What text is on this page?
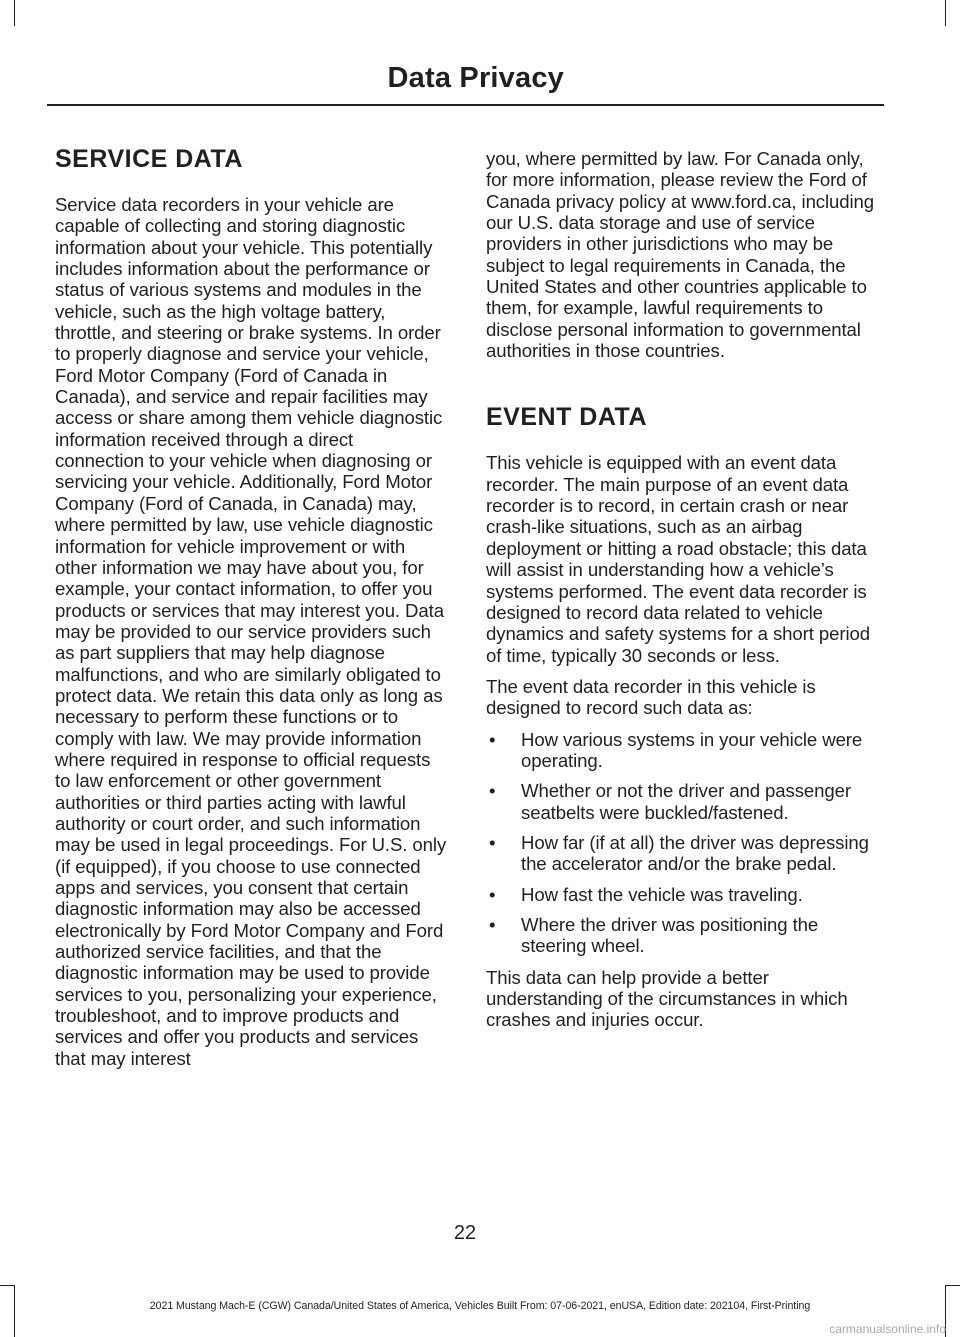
Data Privacy
SERVICE DATA

Service data recorders in your vehicle are capable of collecting and storing diagnostic information about your vehicle. This potentially includes information about the performance or status of various systems and modules in the vehicle, such as the high voltage battery, throttle, and steering or brake systems. In order to properly diagnose and service your vehicle, Ford Motor Company (Ford of Canada in Canada), and service and repair facilities may access or share among them vehicle diagnostic information received through a direct connection to your vehicle when diagnosing or servicing your vehicle. Additionally, Ford Motor Company (Ford of Canada, in Canada) may, where permitted by law, use vehicle diagnostic information for vehicle improvement or with other information we may have about you, for example, your contact information, to offer you products or services that may interest you. Data may be provided to our service providers such as part suppliers that may help diagnose malfunctions, and who are similarly obligated to protect data. We retain this data only as long as necessary to perform these functions or to comply with law. We may provide information where required in response to official requests to law enforcement or other government authorities or third parties acting with lawful authority or court order, and such information may be used in legal proceedings. For U.S. only (if equipped), if you choose to use connected apps and services, you consent that certain diagnostic information may also be accessed electronically by Ford Motor Company and Ford authorized service facilities, and that the diagnostic information may be used to provide services to you, personalizing your experience, troubleshoot, and to improve products and services and offer you products and services that may interest

you, where permitted by law. For Canada only, for more information, please review the Ford of Canada privacy policy at www.ford.ca, including our U.S. data storage and use of service providers in other jurisdictions who may be subject to legal requirements in Canada, the United States and other countries applicable to them, for example, lawful requirements to disclose personal information to governmental authorities in those countries.

EVENT DATA

This vehicle is equipped with an event data recorder. The main purpose of an event data recorder is to record, in certain crash or near crash-like situations, such as an airbag deployment or hitting a road obstacle; this data will assist in understanding how a vehicle’s systems performed. The event data recorder is designed to record data related to vehicle dynamics and safety systems for a short period of time, typically 30 seconds or less.

The event data recorder in this vehicle is designed to record such data as:

• How various systems in your vehicle were operating.
• Whether or not the driver and passenger seatbelts were buckled/fastened.
• How far (if at all) the driver was depressing the accelerator and/or the brake pedal.
• How fast the vehicle was traveling.
• Where the driver was positioning the steering wheel.

This data can help provide a better understanding of the circumstances in which crashes and injuries occur.

22
2021 Mustang Mach-E (CGW) Canada/United States of America, Vehicles Built From: 07-06-2021, enUSA, Edition date: 202104, First-Printing
carmanualsonline.info
